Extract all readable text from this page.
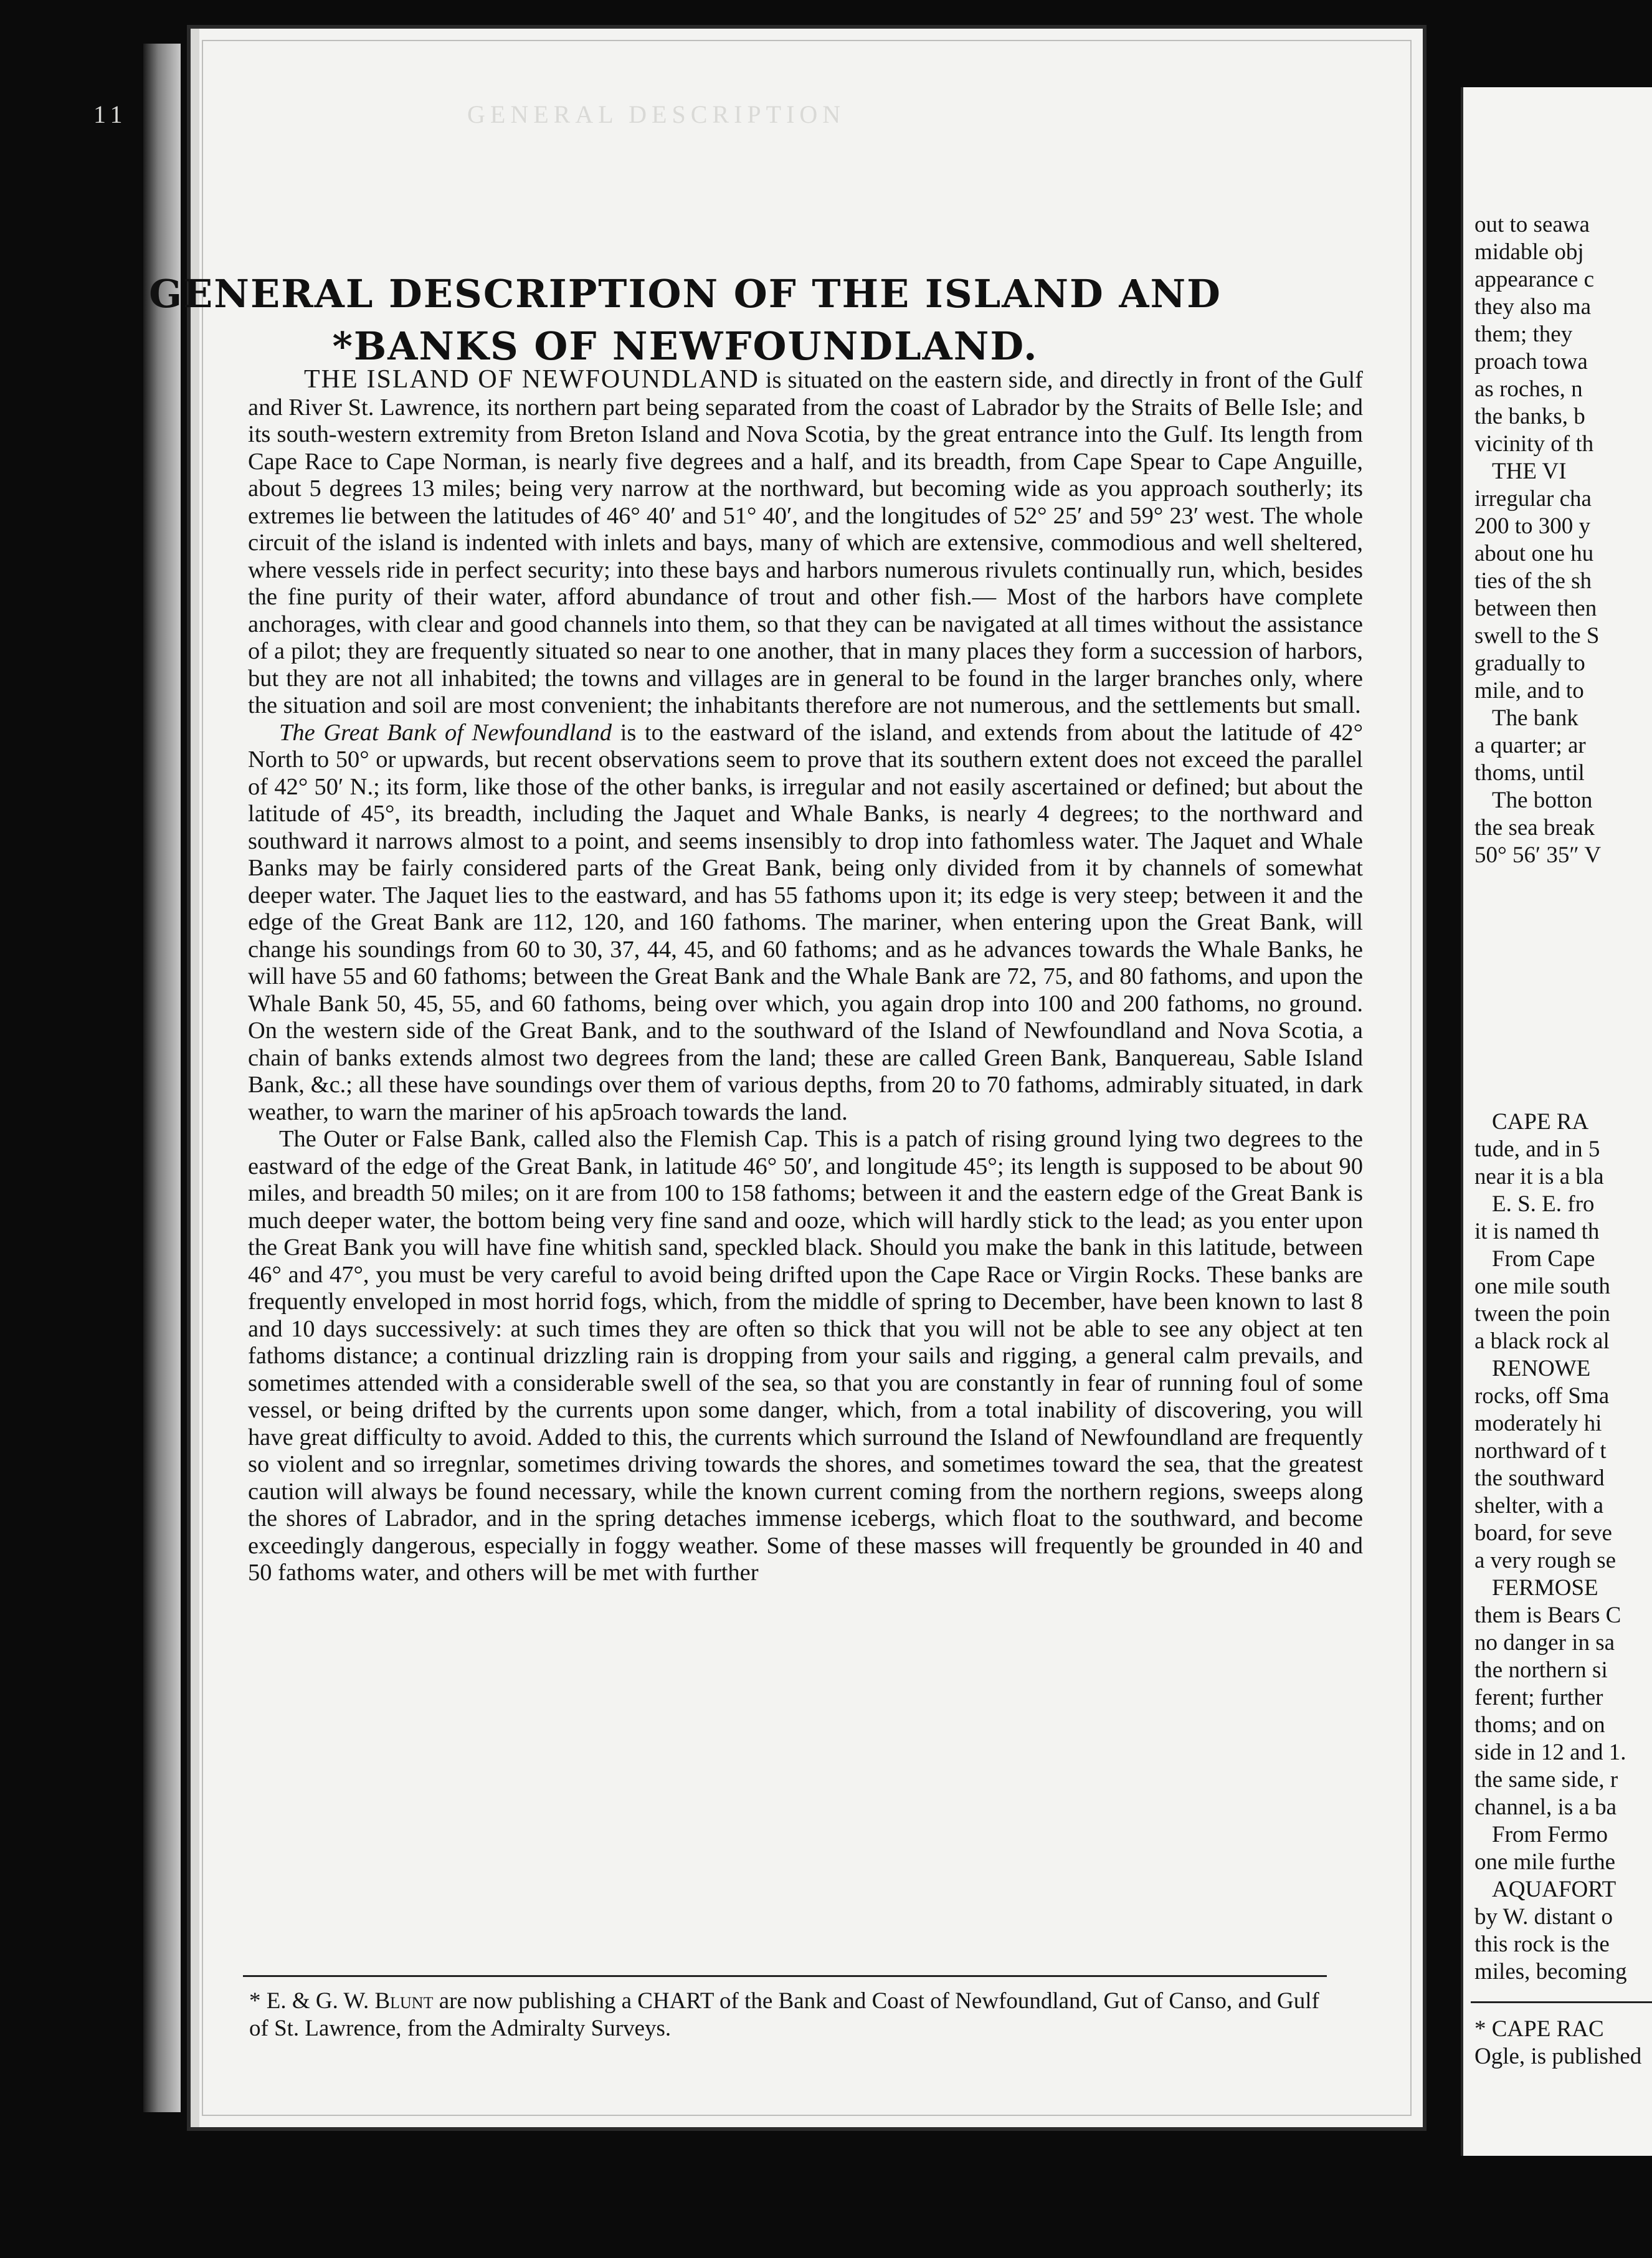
11	GENERAL DESCRIPTION
GENERAL DESCRIPTION OF THE ISLAND AND
*BANKS OF NEWFOUNDLAND.

THE ISLAND OF NEWFOUNDLAND is situated on the eastern side, and directly in front of the Gulf and River St. Lawrence, its northern part being separated from the coast of Labrador by the Straits of Belle Isle; and its south-western extremity from Breton Island and Nova Scotia, by the great entrance into the Gulf. Its length from Cape Race to Cape Norman, is nearly five degrees and a half, and its breadth, from Cape Spear to Cape Anguille, about 5 degrees 13 miles; being very narrow at the northward, but becoming wide as you approach southerly; its extremes lie between the latitudes of 46° 40′ and 51° 40′, and the longitudes of 52° 25′ and 59° 23′ west. The whole circuit of the island is indented with inlets and bays, many of which are extensive, commodious and well sheltered, where vessels ride in perfect security; into these bays and harbors numerous rivulets continually run, which, besides the fine purity of their water, afford abundance of trout and other fish.— Most of the harbors have complete anchorages, with clear and good channels into them, so that they can be navigated at all times without the assistance of a pilot; they are frequently situated so near to one another, that in many places they form a succession of harbors, but they are not all inhabited; the towns and villages are in general to be found in the larger branches only, where the situation and soil are most convenient; the inhabitants therefore are not numerous, and the settlements but small.

The Great Bank of Newfoundland is to the eastward of the island, and extends from about the latitude of 42° North to 50° or upwards, but recent observations seem to prove that its southern extent does not exceed the parallel of 42° 50′ N.; its form, like those of the other banks, is irregular and not easily ascertained or defined; but about the latitude of 45°, its breadth, including the Jaquet and Whale Banks, is nearly 4 degrees; to the northward and southward it narrows almost to a point, and seems insensibly to drop into fathomless water. The Jaquet and Whale Banks may be fairly considered parts of the Great Bank, being only divided from it by channels of somewhat deeper water. The Jaquet lies to the eastward, and has 55 fathoms upon it; its edge is very steep; between it and the edge of the Great Bank are 112, 120, and 160 fathoms. The mariner, when entering upon the Great Bank, will change his soundings from 60 to 30, 37, 44, 45, and 60 fathoms; and as he advances towards the Whale Banks, he will have 55 and 60 fathoms; between the Great Bank and the Whale Bank are 72, 75, and 80 fathoms, and upon the Whale Bank 50, 45, 55, and 60 fathoms, being over which, you again drop into 100 and 200 fathoms, no ground. On the western side of the Great Bank, and to the southward of the Island of Newfoundland and Nova Scotia, a chain of banks extends almost two degrees from the land; these are called Green Bank, Banquereau, Sable Island Bank, &c.; all these have soundings over them of various depths, from 20 to 70 fathoms, admirably situated, in dark weather, to warn the mariner of his ap5roach towards the land.

The Outer or False Bank, called also the Flemish Cap. This is a patch of rising ground lying two degrees to the eastward of the edge of the Great Bank, in latitude 46° 50′, and longitude 45°; its length is supposed to be about 90 miles, and breadth 50 miles; on it are from 100 to 158 fathoms; between it and the eastern edge of the Great Bank is much deeper water, the bottom being very fine sand and ooze, which will hardly stick to the lead; as you enter upon the Great Bank you will have fine whitish sand, speckled black. Should you make the bank in this latitude, between 46° and 47°, you must be very careful to avoid being drifted upon the Cape Race or Virgin Rocks. These banks are frequently enveloped in most horrid fogs, which, from the middle of spring to December, have been known to last 8 and 10 days successively: at such times they are often so thick that you will not be able to see any object at ten fathoms distance; a continual drizzling rain is dropping from your sails and rigging, a general calm prevails, and sometimes attended with a considerable swell of the sea, so that you are constantly in fear of running foul of some vessel, or being drifted by the currents upon some danger, which, from a total inability of discovering, you will have great difficulty to avoid. Added to this, the currents which surround the Island of Newfoundland are frequently so violent and so irregnlar, sometimes driving towards the shores, and sometimes toward the sea, that the greatest caution will always be found necessary, while the known current coming from the northern regions, sweeps along the shores of Labrador, and in the spring detaches immense icebergs, which float to the southward, and become exceedingly dangerous, especially in foggy weather. Some of these masses will frequently be grounded in 40 and 50 fathoms water, and others will be met with further

* E. & G. W. Blunt are now publishing a CHART of the Bank and Coast of Newfoundland, Gut of Canso, and Gulf of St. Lawrence, from the Admiralty Surveys.
out to seawa
midable obj
appearance c
they also ma
them; they
proach towa
as roches, n
the banks, b
vicinity of th
THE VI
irregular cha
200 to 300 y
about one hu
ties of the sh
between then
swell to the S
gradually to
mile, and to
The bank
a quarter; ar
thoms, until
The botton
the sea break
50° 56′ 35″ V
CAPE RA
tude, and in 5
near it is a bla
E. S. E. fro
it is named th
From Cape
one mile south
tween the poin
a black rock al
RENOWE
rocks, off Sma
moderately hi
northward of t
the southward
shelter, with a
board, for seve
a very rough se
FERMOSE
them is Bears C
no danger in sa
the northern si
ferent; further
thoms; and on
side in 12 and 1.
the same side, r
channel, is a ba
From Fermo
one mile furthe
AQUAFORT
by W. distant o
this rock is the
miles, becoming
* CAPE RAC
Ogle, is published
